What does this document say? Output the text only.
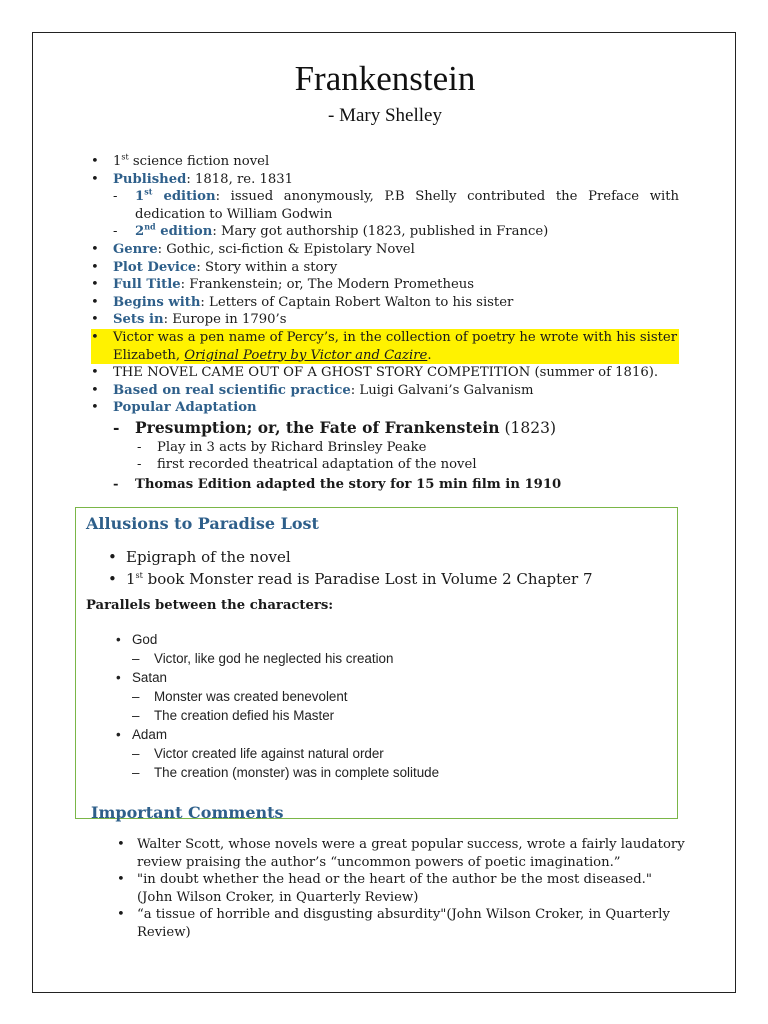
Frankenstein
- Mary Shelley
• 1st science fiction novel
• Published: 1818, re. 1831
- 1st edition: issued anonymously, P.B Shelly contributed the Preface with dedication to William Godwin
- 2nd edition: Mary got authorship (1823, published in France)
• Genre: Gothic, sci-fiction & Epistolary Novel
• Plot Device: Story within a story
• Full Title: Frankenstein; or, The Modern Prometheus
• Begins with: Letters of Captain Robert Walton to his sister
• Sets in: Europe in 1790’s
• Victor was a pen name of Percy’s, in the collection of poetry he wrote with his sister Elizabeth, Original Poetry by Victor and Cazire.
• THE NOVEL CAME OUT OF A GHOST STORY COMPETITION (summer of 1816).
• Based on real scientific practice: Luigi Galvani’s Galvanism
• Popular Adaptation
- Presumption; or, the Fate of Frankenstein (1823)
- Play in 3 acts by Richard Brinsley Peake
- first recorded theatrical adaptation of the novel
- Thomas Edition adapted the story for 15 min film in 1910
Allusions to Paradise Lost
• Epigraph of the novel
• 1st book Monster read is Paradise Lost in Volume 2 Chapter 7
Parallels between the characters:
• God
– Victor, like god he neglected his creation
• Satan
– Monster was created benevolent
– The creation defied his Master
• Adam
– Victor created life against natural order
– The creation (monster) was in complete solitude
Important Comments
• Walter Scott, whose novels were a great popular success, wrote a fairly laudatory review praising the author’s “uncommon powers of poetic imagination.”
• "in doubt whether the head or the heart of the author be the most diseased." (John Wilson Croker, in Quarterly Review)
• “a tissue of horrible and disgusting absurdity"(John Wilson Croker, in Quarterly Review)
